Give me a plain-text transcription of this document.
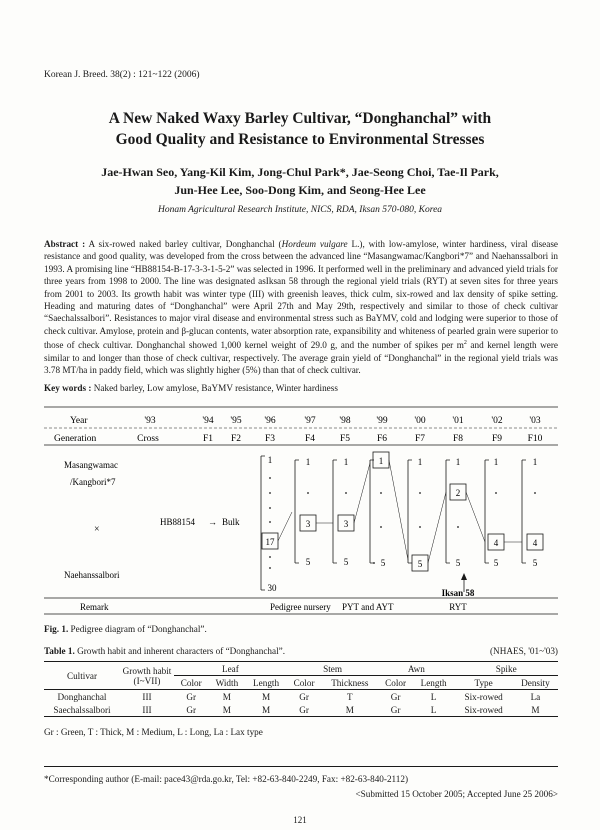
Korean J. Breed. 38(2) : 121~122 (2006)
A New Naked Waxy Barley Cultivar, “Donghanchal” with
Good Quality and Resistance to Environmental Stresses
Jae-Hwan Seo, Yang-Kil Kim, Jong-Chul Park*, Jae-Seong Choi, Tae-Il Park,
Jun-Hee Lee, Soo-Dong Kim, and Seong-Hee Lee
Honam Agricultural Research Institute, NICS, RDA, Iksan 570-080, Korea
Abstract : A six-rowed naked barley cultivar, Donghanchal (Hordeum vulgare L.), with low-amylose, winter hardiness, viral disease resistance and good quality, was developed from the cross between the advanced line “Masangwamac/Kangbori*7” and Naehanssalbori in 1993. A promising line “HB88154-B-17-3-3-1-5-2” was selected in 1996. It performed well in the preliminary and advanced yield trials for three years from 1998 to 2000. The line was designated asIksan 58 through the regional yield trials (RYT) at seven sites for three years from 2001 to 2003. Its growth habit was winter type (III) with greenish leaves, thick culm, six-rowed and lax density of spike setting. Heading and maturing dates of “Donghanchal” were April 27th and May 29th, respectively and similar to those of check cultivar “Saechalssalbori”. Resistances to major viral disease and environmental stress such as BaYMV, cold and lodging were superior to those of check cultivar. Amylose, protein and β-glucan contents, water absorption rate, expansibility and whiteness of pearled grain were superior to those of check cultivar. Donghanchal showed 1,000 kernel weight of 29.0 g, and the number of spikes per $m^2$ and kernel length were similar to and longer than those of check cultivar, respectively. The average grain yield of “Donghanchal” in the regional yield trials was 3.78 MT/ha in paddy field, which was slightly higher (5%) than that of check cultivar.
Key words : Naked barley, Low amylose, BaYMV resistance, Winter hardiness
Year
Generation
'93	'94 '95 '96	'97	'98	'99	'00	'01	'02	'03
Cross	F1 F2	F3	F4	F5	F6	F7	F8	F9	F10
Masangwamac
/Kangbori*7
×
Naehanssalbori
HB88154 → Bulk
1
17
30
1
3
5
1
3
5
1
5
1
5
1
2
5
1
4
5
1
4
5
Iksan 58
Remark	Pedigree nursery PYT and AYT	RYT
Fig. 1. Pedigree diagram of “Donghanchal”.
Table 1. Growth habit and inherent characters of “Donghanchal”.	(NHAES, '01~'03)
Cultivar	Growth habit
(I~VII)	Leaf			Stem		Awn		Spike	
		Color	Width	Length	Color	Thickness	Color	Length	Type	Density
Donghanchal	III	Gr	M	M	Gr	T	Gr	L	Six-rowed	La
Saechalssalbori	III	Gr	M	M	Gr	M	Gr	L	Six-rowed	M
Gr : Green, T : Thick, M : Medium, L : Long, La : Lax type
*Corresponding author (E-mail: pace43@rda.go.kr, Tel: +82-63-840-2249, Fax: +82-63-840-2112)
<Submitted 15 October 2005; Accepted June 25 2006>
121
